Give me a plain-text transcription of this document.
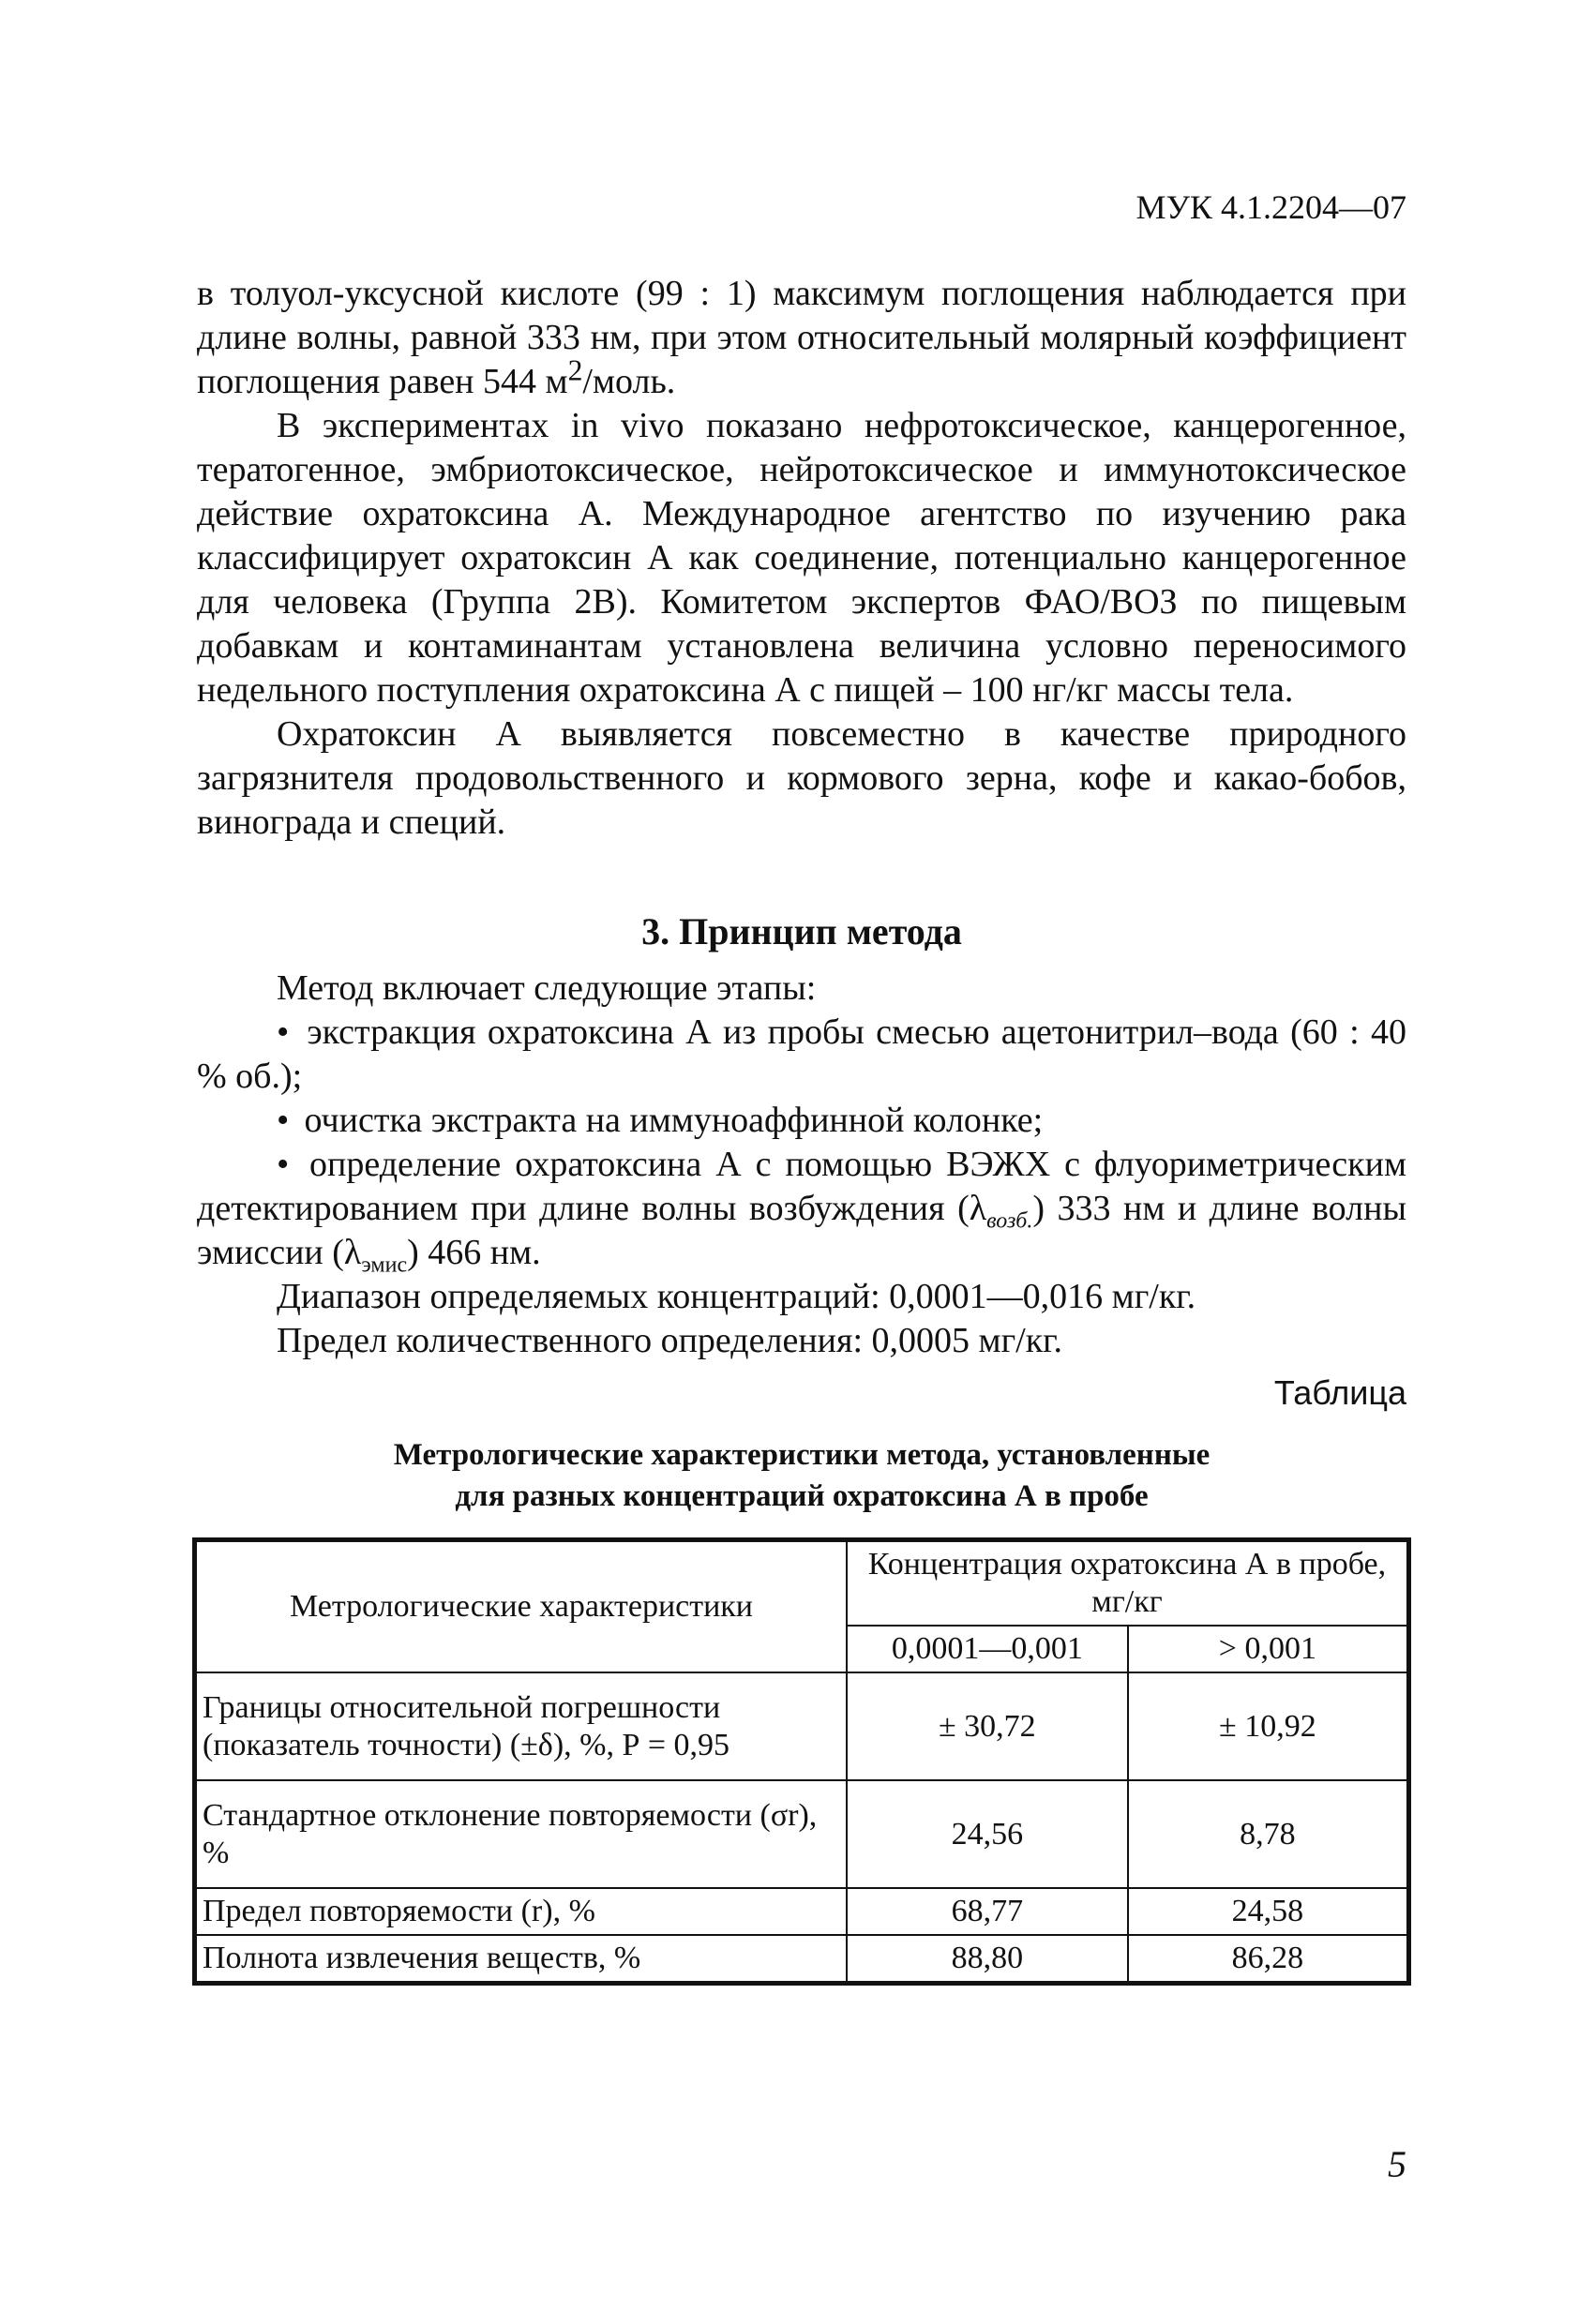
МУК 4.1.2204—07

в толуол-уксусной кислоте (99 : 1) максимум поглощения наблюдается при длине волны, равной 333 нм, при этом относительный молярный коэффициент поглощения равен 544 $м^2$/моль.

В экспериментах in vivo показано нефротоксическое, канцерогенное, тератогенное, эмбриотоксическое, нейротоксическое и иммунотоксическое действие охратоксина А. Международное агентство по изучению рака классифицирует охратоксин А как соединение, потенциально канцерогенное для человека (Группа 2В). Комитетом экспертов ФАО/ВОЗ по пищевым добавкам и контаминантам установлена величина условно переносимого недельного поступления охратоксина А с пищей – 100 нг/кг массы тела.

Охратоксин А выявляется повсеместно в качестве природного загрязнителя продовольственного и кормового зерна, кофе и какао-бобов, винограда и специй.

3. Принцип метода

Метод включает следующие этапы:

• экстракция охратоксина А из пробы смесью ацетонитрил–вода (60 : 40 % об.);

• очистка экстракта на иммуноаффинной колонке;

• определение охратоксина А с помощью ВЭЖХ с флуориметрическим детектированием при длине волны возбуждения $(\lambda_{возб.})$ 333 нм и длине волны эмиссии $(\lambda_{эмис})$ 466 нм.

Диапазон определяемых концентраций: 0,0001—0,016 мг/кг.

Предел количественного определения: 0,0005 мг/кг.

Таблица
Метрологические характеристики метода, установленные
для разных концентраций охратоксина А в пробе
Метрологические характеристики	Концентрация охратоксина А в пробе, мг/кг	
	0,0001—0,001	> 0,001
Границы относительной погрешности (показатель точности) (±δ), %, Р = 0,95	± 30,72	± 10,92
Стандартное отклонение повторяемости (σr), %	24,56	8,78
Предел повторяемости (r), %	68,77	24,58
Полнота извлечения веществ, %	88,80	86,28
5
